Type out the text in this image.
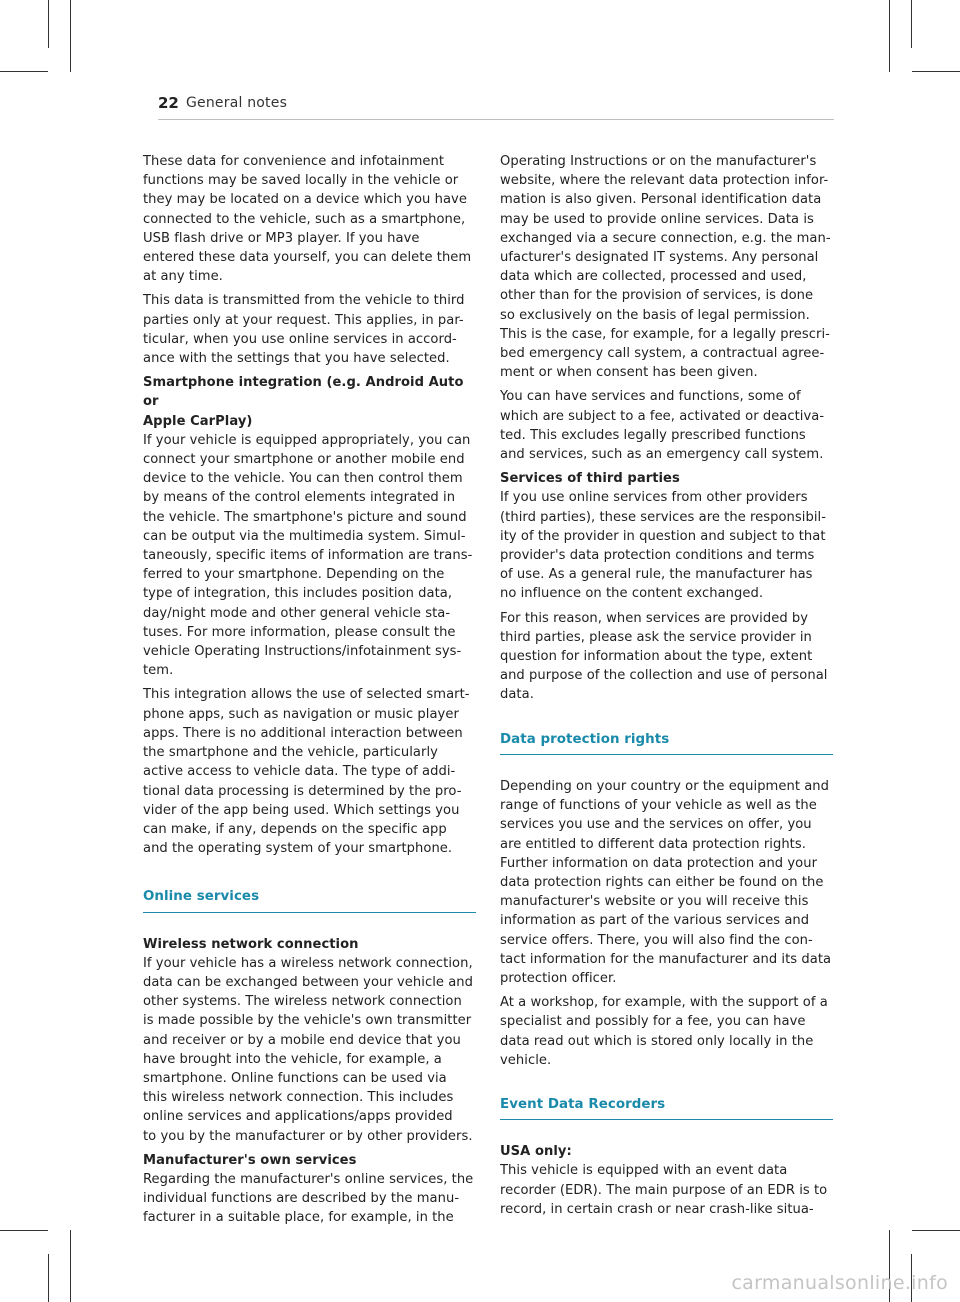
22 General notes

These data for convenience and infotainment
functions may be saved locally in the vehicle or
they may be located on a device which you have
connected to the vehicle, such as a smartphone,
USB flash drive or MP3 player. If you have
entered these data yourself, you can delete them
at any time.

This data is transmitted from the vehicle to third
parties only at your request. This applies, in par-
ticular, when you use online services in accord-
ance with the settings that you have selected.

Smartphone integration (e.g. Android Auto or
Apple CarPlay)

If your vehicle is equipped appropriately, you can
connect your smartphone or another mobile end
device to the vehicle. You can then control them
by means of the control elements integrated in
the vehicle. The smartphone's picture and sound
can be output via the multimedia system. Simul-
taneously, specific items of information are trans-
ferred to your smartphone. Depending on the
type of integration, this includes position data,
day/night mode and other general vehicle sta-
tuses. For more information, please consult the
vehicle Operating Instructions/infotainment sys-
tem.

This integration allows the use of selected smart-
phone apps, such as navigation or music player
apps. There is no additional interaction between
the smartphone and the vehicle, particularly
active access to vehicle data. The type of addi-
tional data processing is determined by the pro-
vider of the app being used. Which settings you
can make, if any, depends on the specific app
and the operating system of your smartphone.

Online services
Wireless network connection

If your vehicle has a wireless network connection,
data can be exchanged between your vehicle and
other systems. The wireless network connection
is made possible by the vehicle's own transmitter
and receiver or by a mobile end device that you
have brought into the vehicle, for example, a
smartphone. Online functions can be used via
this wireless network connection. This includes
online services and applications/apps provided
to you by the manufacturer or by other providers.

Manufacturer's own services

Regarding the manufacturer's online services, the
individual functions are described by the manu-
facturer in a suitable place, for example, in the

Operating Instructions or on the manufacturer's
website, where the relevant data protection infor-
mation is also given. Personal identification data
may be used to provide online services. Data is
exchanged via a secure connection, e.g. the man-
ufacturer's designated IT systems. Any personal
data which are collected, processed and used,
other than for the provision of services, is done
so exclusively on the basis of legal permission.
This is the case, for example, for a legally prescri-
bed emergency call system, a contractual agree-
ment or when consent has been given.

You can have services and functions, some of
which are subject to a fee, activated or deactiva-
ted. This excludes legally prescribed functions
and services, such as an emergency call system.

Services of third parties

If you use online services from other providers
(third parties), these services are the responsibil-
ity of the provider in question and subject to that
provider's data protection conditions and terms
of use. As a general rule, the manufacturer has
no influence on the content exchanged.

For this reason, when services are provided by
third parties, please ask the service provider in
question for information about the type, extent
and purpose of the collection and use of personal
data.

Data protection rights

Depending on your country or the equipment and
range of functions of your vehicle as well as the
services you use and the services on offer, you
are entitled to different data protection rights.
Further information on data protection and your
data protection rights can either be found on the
manufacturer's website or you will receive this
information as part of the various services and
service offers. There, you will also find the con-
tact information for the manufacturer and its data
protection officer.

At a workshop, for example, with the support of a
specialist and possibly for a fee, you can have
data read out which is stored only locally in the
vehicle.

Event Data Recorders
USA only:

This vehicle is equipped with an event data
recorder (EDR). The main purpose of an EDR is to
record, in certain crash or near crash-like situa-

carmanualsonline.info
